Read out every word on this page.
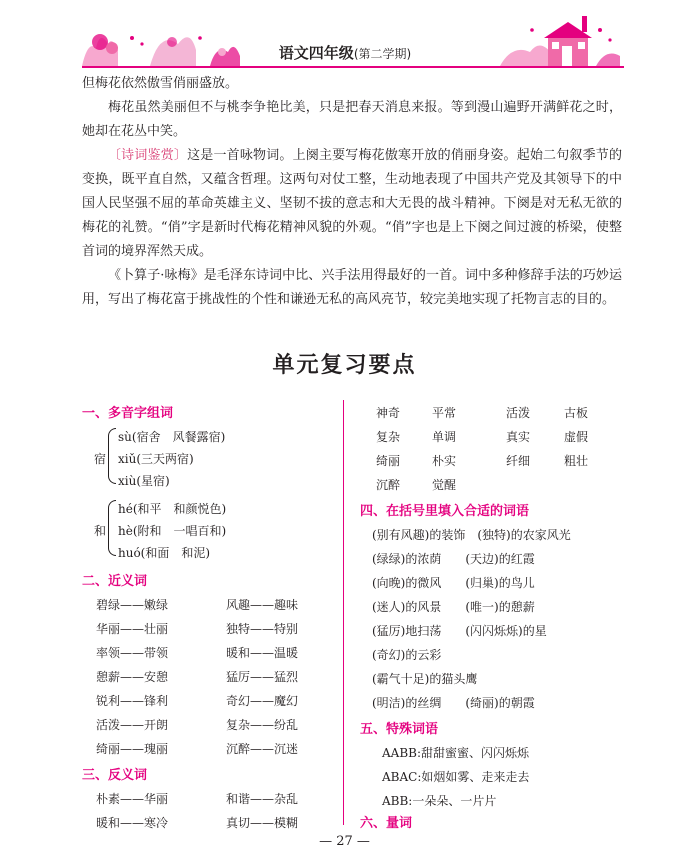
语文四年级(第二学期)
但梅花依然傲雪俏丽盛放。
梅花虽然美丽但不与桃李争艳比美，只是把春天消息来报。等到漫山遍野开满鲜花之时，她却在花丛中笑。
〔诗词鉴赏〕这是一首咏物词。上阕主要写梅花傲寒开放的俏丽身姿。起始二句叙季节的变换，既平直自然，又蕴含哲理。这两句对仗工整，生动地表现了中国共产党及其领导下的中国人民坚强不屈的革命英雄主义、坚韧不拔的意志和大无畏的战斗精神。下阕是对无私无欲的梅花的礼赞。“俏”字是新时代梅花精神风貌的外观。“俏”字也是上下阕之间过渡的桥梁，使整首词的境界浑然天成。
《卜算子·咏梅》是毛泽东诗词中比、兴手法用得最好的一首。词中多种修辞手法的巧妙运用，写出了梅花富于挑战性的个性和谦逊无私的高风亮节，较完美地实现了托物言志的目的。
单元复习要点
一、多音字组词
宿
sù(宿舍　风餐露宿)
xiǔ(三天两宿)
xiù(星宿)
和
hé(和平　和颜悦色)
hè(附和　一唱百和)
huó(和面　和泥)
二、近义词
碧绿——嫩绿	风趣——趣味
华丽——壮丽	独特——特别
率领——带领	暖和——温暖
憩薪——安憩	猛厉——猛烈
锐利——锋利	奇幻——魔幻
活泼——开朗	复杂——纷乱
绮丽——瑰丽	沉醉——沉迷
三、反义词
朴素——华丽	和谐——杂乱
暖和——寒冷	真切——模糊
神奇	平常	活泼	古板
复杂	单调	真实	虚假
绮丽	朴实	纤细	粗壮
沉醉	觉醒
四、在括号里填入合适的词语
(别有风趣)的装饰　(独特)的农家风光
(绿绿)的浓荫　　(天边)的红霞
(向晚)的微风　　(归巢)的鸟儿
(迷人)的风景　　(唯一)的憩薪
(猛厉)地扫荡　　(闪闪烁烁)的星
(奇幻)的云彩
(霸气十足)的猫头鹰
(明洁)的丝绸　　(绮丽)的朝霞
五、特殊词语
AABB:甜甜蜜蜜、闪闪烁烁
ABAC:如烟如雾、走来走去
ABB:一朵朵、一片片
六、量词
— 27 —
